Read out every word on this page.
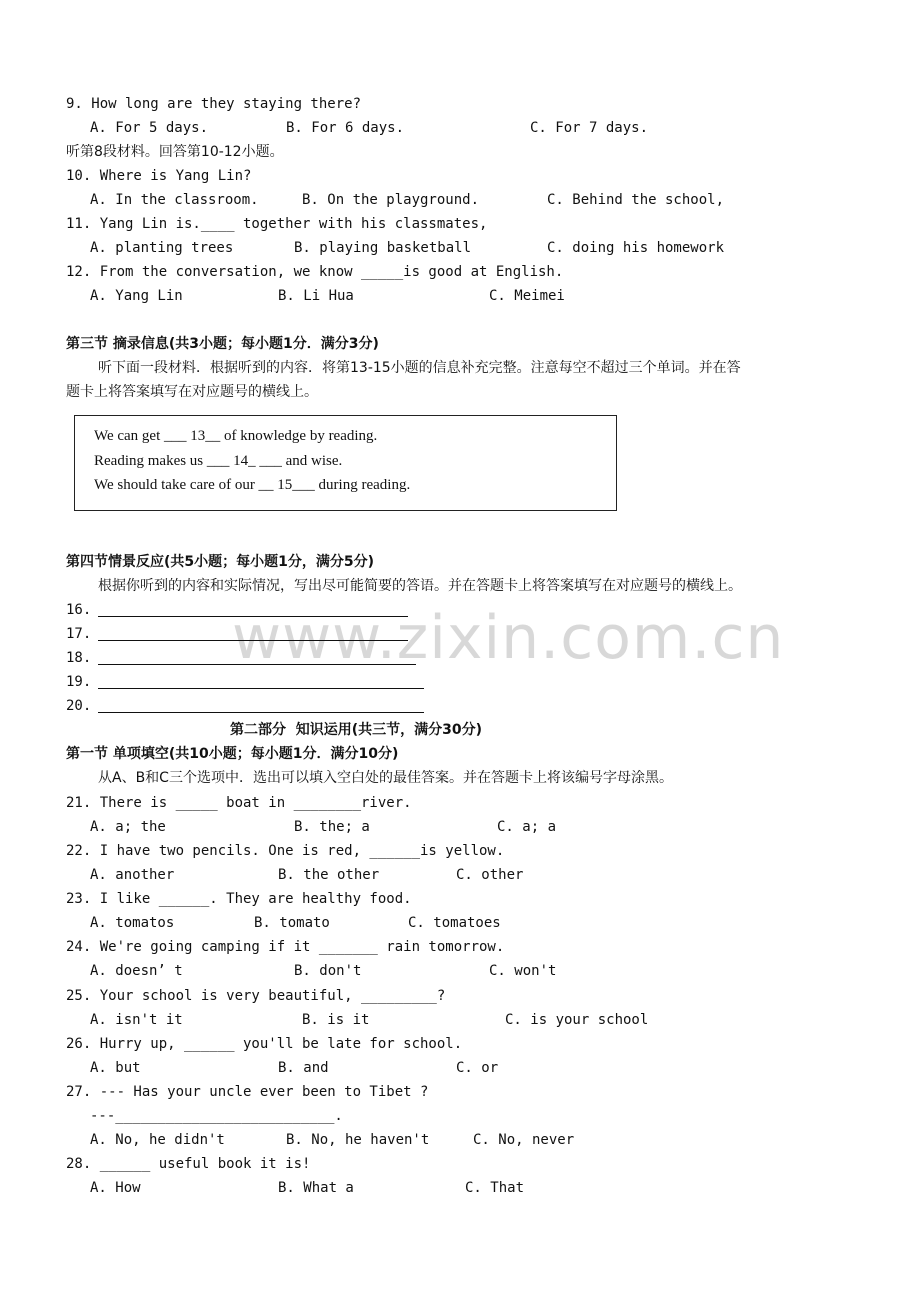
www.zixin.com.cn
9. How long are they staying there?
A. For 5 days.	B. For 6 days.	C. For 7 days.
听第8段材料。回答第10-12小题。
10. Where is Yang Lin?
A. In the classroom.	B. On the playground.	C. Behind the school,
11. Yang Lin is.____ together with his classmates,
A. planting trees	B. playing basketball	C. doing his homework
12. From the conversation, we know _____is good at English.
A. Yang Lin	B. Li Hua	C. Meimei
第三节 摘录信息(共3小题；每小题1分．满分3分)
听下面一段材料．根据听到的内容．将第13-15小题的信息补充完整。注意每空不超过三个单词。并在答
题卡上将答案填写在对应题号的横线上。
We can get ___ 13__ of knowledge by reading.
Reading makes us ___ 14_ ___ and wise.
We should take care of our __ 15___ during reading.
第四节情景反应(共5小题；每小题1分，满分5分)
根据你听到的内容和实际情况，写出尽可能简要的答语。并在答题卡上将答案填写在对应题号的横线上。
16.
17.
18.
19.
20.
第二部分  知识运用(共三节，满分30分)
第一节 单项填空(共10小题；每小题1分．满分10分)
从A、B和C三个选项中．选出可以填入空白处的最佳答案。并在答题卡上将该编号字母涂黑。
21. There is _____ boat in ________river.
A. a; the	B. the; a	C. a; a
22. I have two pencils. One is red, ______is yellow.
A. another	B. the other	C. other
23. I like ______. They are healthy food.
A. tomatos	B. tomato	C. tomatoes
24. We're going camping if it _______ rain tomorrow.
A. doesn’ t	B. don't	C. won't
25. Your school is very beautiful, _________?
A. isn't it	B. is it	C. is your school
26. Hurry up, ______ you'll be late for school.
A. but	B. and	C. or
27. --- Has your uncle ever been to Tibet ?
---__________________________.
A. No, he didn't	B. No, he haven't	C. No, never
28. ______ useful book it is!
A. How	B. What a	C. That
